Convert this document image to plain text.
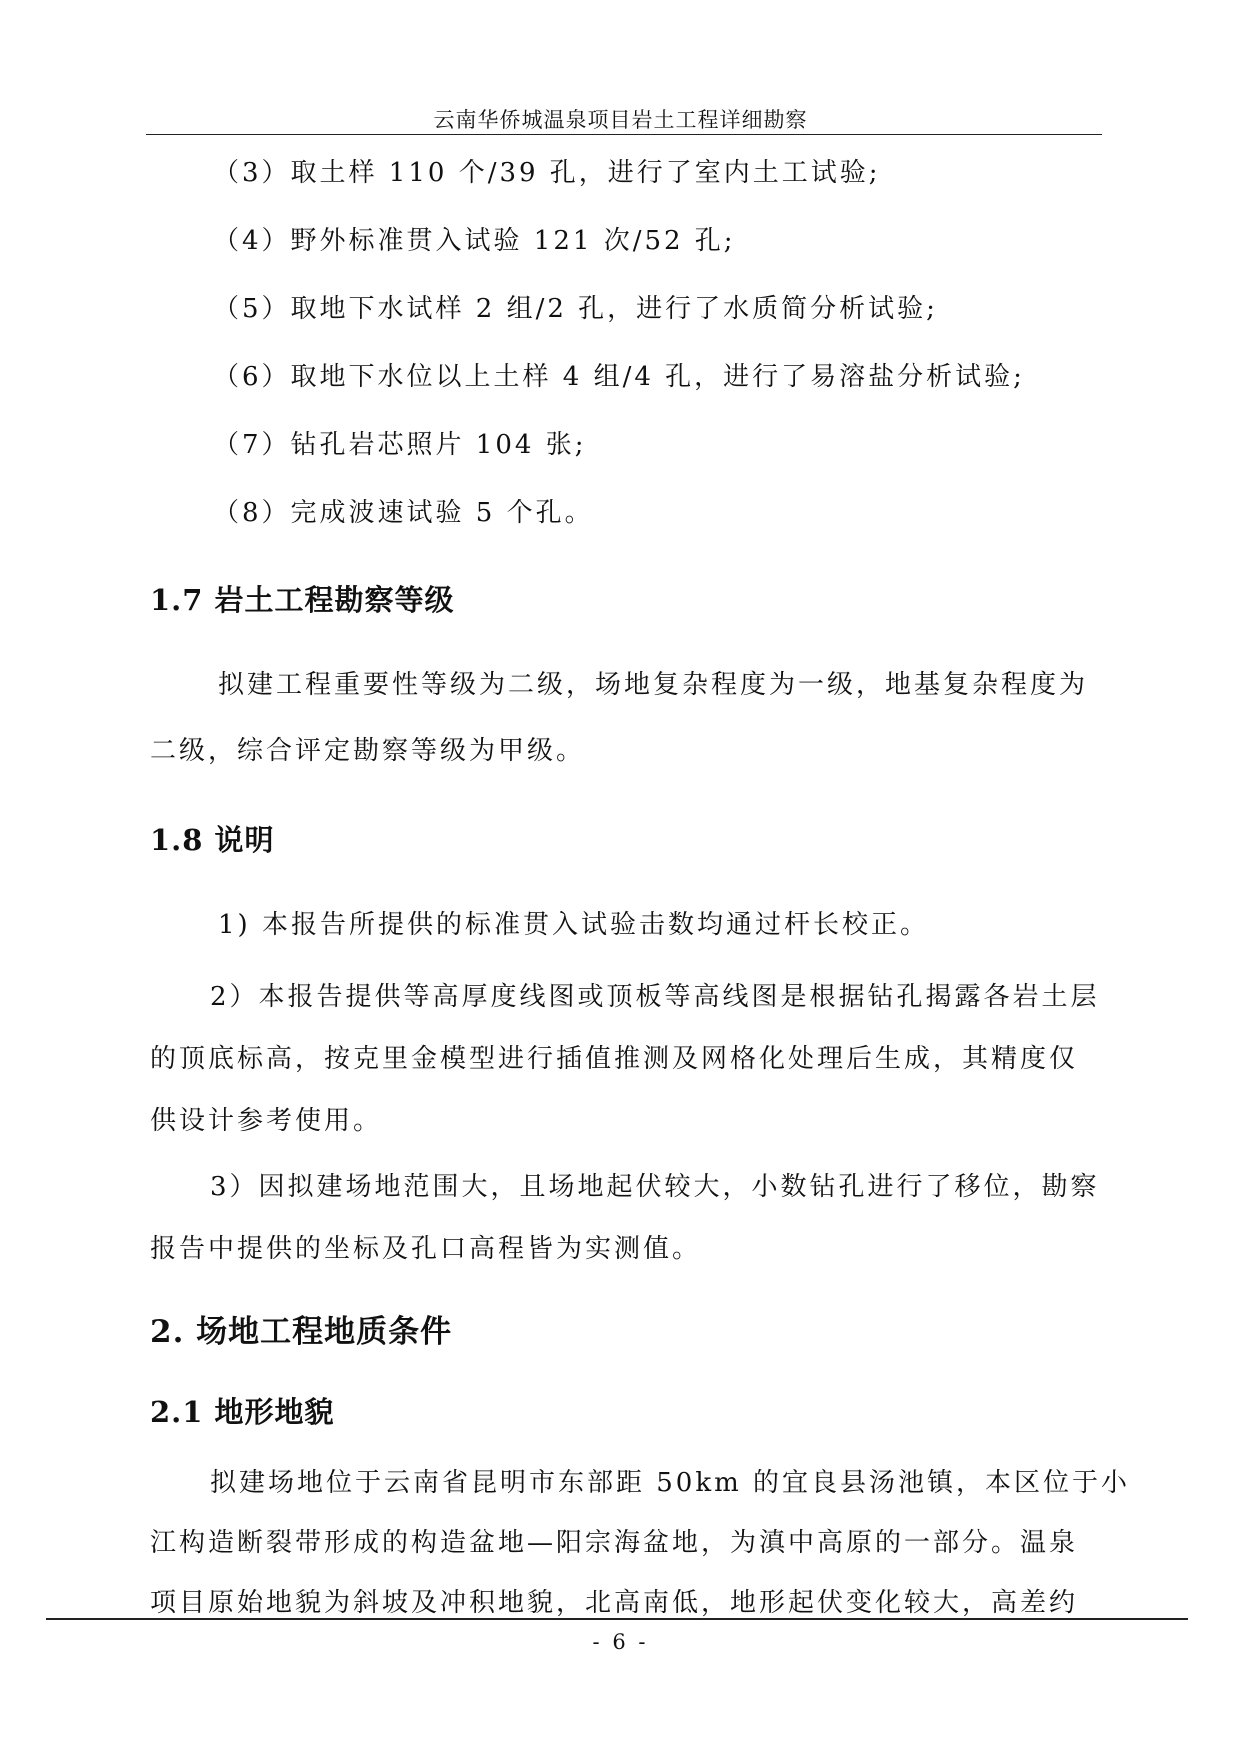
云南华侨城温泉项目岩土工程详细勘察
（3）取土样 110 个/39 孔，进行了室内土工试验;
（4）野外标准贯入试验 121 次/52 孔;
（5）取地下水试样 2 组/2 孔，进行了水质简分析试验;
（6）取地下水位以上土样 4 组/4 孔，进行了易溶盐分析试验;
（7）钻孔岩芯照片 104 张;
（8）完成波速试验 5 个孔。
1.7 岩土工程勘察等级
拟建工程重要性等级为二级，场地复杂程度为一级，地基复杂程度为
二级，综合评定勘察等级为甲级。
1.8 说明
1) 本报告所提供的标准贯入试验击数均通过杆长校正。
2）本报告提供等高厚度线图或顶板等高线图是根据钻孔揭露各岩土层
的顶底标高，按克里金模型进行插值推测及网格化处理后生成，其精度仅
供设计参考使用。
3）因拟建场地范围大，且场地起伏较大，小数钻孔进行了移位，勘察
报告中提供的坐标及孔口高程皆为实测值。
2. 场地工程地质条件
2.1 地形地貌
拟建场地位于云南省昆明市东部距 50km 的宜良县汤池镇，本区位于小
江构造断裂带形成的构造盆地—阳宗海盆地，为滇中高原的一部分。温泉
项目原始地貌为斜坡及冲积地貌，北高南低，地形起伏变化较大，高差约
- 6 -
